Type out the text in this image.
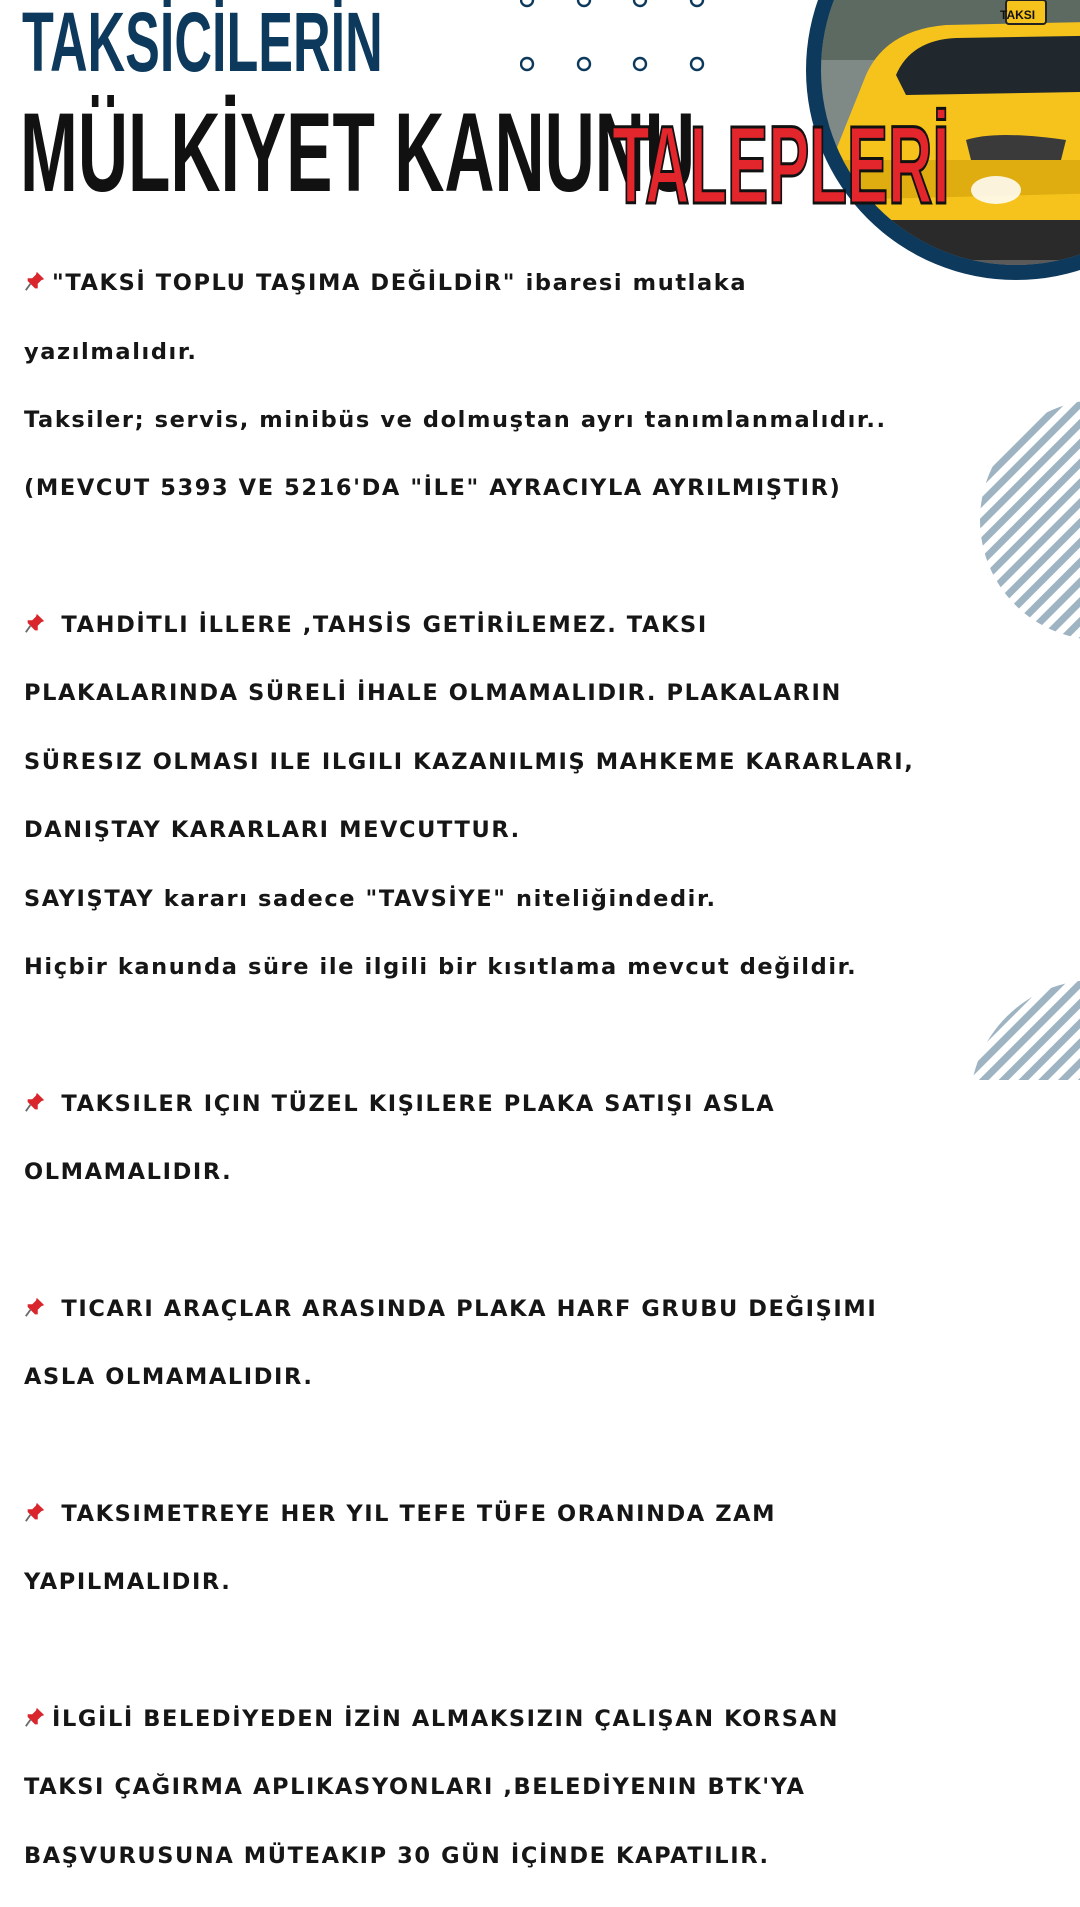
TAKSI
TAKSİCİLERİN
MÜLKİYET KANUNU
TALEPLERİ

"TAKSİ TOPLU TAŞIMA DEĞİLDİR" ibaresi mutlaka

yazılmalıdır.

Taksiler; servis, minibüs ve dolmuştan ayrı tanımlanmalıdır..

(MEVCUT 5393 VE 5216'DA "İLE" AYRACIYLA AYRILMIŞTIR)

TAHDİTLI İLLERE ,TAHSİS GETİRİLEMEZ. TAKSI

PLAKALARINDA SÜRELİ İHALE OLMAMALIDIR. PLAKALARIN

SÜRESIZ OLMASI ILE ILGILI KAZANILMIŞ MAHKEME KARARLARI,

DANIŞTAY KARARLARI MEVCUTTUR.

SAYIŞTAY kararı sadece "TAVSİYE" niteliğindedir.

Hiçbir kanunda süre ile ilgili bir kısıtlama mevcut değildir.

TAKSILER IÇIN TÜZEL KIŞILERE PLAKA SATIŞI ASLA

OLMAMALIDIR.

TICARI ARAÇLAR ARASINDA PLAKA HARF GRUBU DEĞIŞIMI

ASLA OLMAMALIDIR.

TAKSIMETREYE HER YIL TEFE TÜFE ORANINDA ZAM

YAPILMALIDIR.

İLGİLİ BELEDİYEDEN İZİN ALMAKSIZIN ÇALIŞAN KORSAN

TAKSI ÇAĞIRMA APLIKASYONLARI ,BELEDİYENIN BTK'YA

BAŞVURUSUNA MÜTEAKIP 30 GÜN İÇİNDE KAPATILIR.
